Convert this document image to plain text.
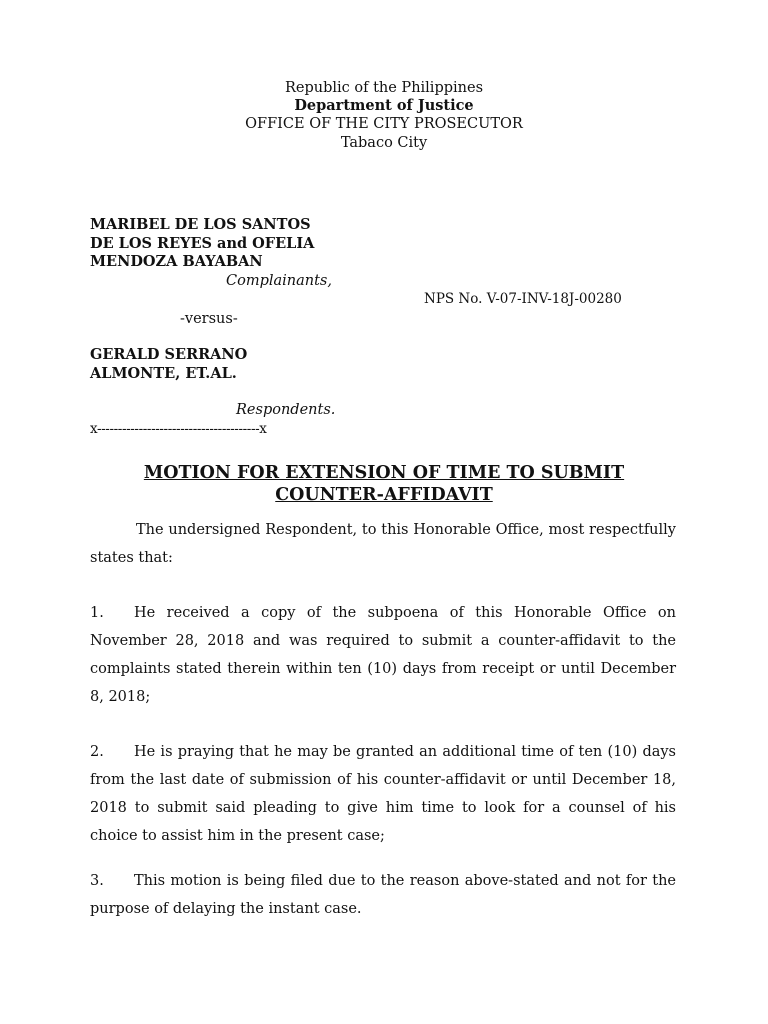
Republic of the Philippines
Department of Justice
OFFICE OF THE CITY PROSECUTOR
Tabaco City
MARIBEL DE LOS SANTOS
DE LOS REYES and OFELIA
MENDOZA BAYABAN
Complainants,
NPS No. V-07-INV-18J-00280
-versus-
GERALD SERRANO
ALMONTE, ET.AL.
Respondents.
x---------------------------------------x
MOTION FOR EXTENSION OF TIME TO SUBMIT
COUNTER-AFFIDAVIT

The undersigned Respondent, to this Honorable Office, most respectfully states that:

1. He received a copy of the subpoena of this Honorable Office on November 28, 2018 and was required to submit a counter-affidavit to the complaints stated therein within ten (10) days from receipt or until December 8, 2018;

2. He is praying that he may be granted an additional time of ten (10) days from the last date of submission of his counter-affidavit or until December 18, 2018 to submit said pleading to give him time to look for a counsel of his choice to assist him in the present case;

3. This motion is being filed due to the reason above-stated and not for the purpose of delaying the instant case.
